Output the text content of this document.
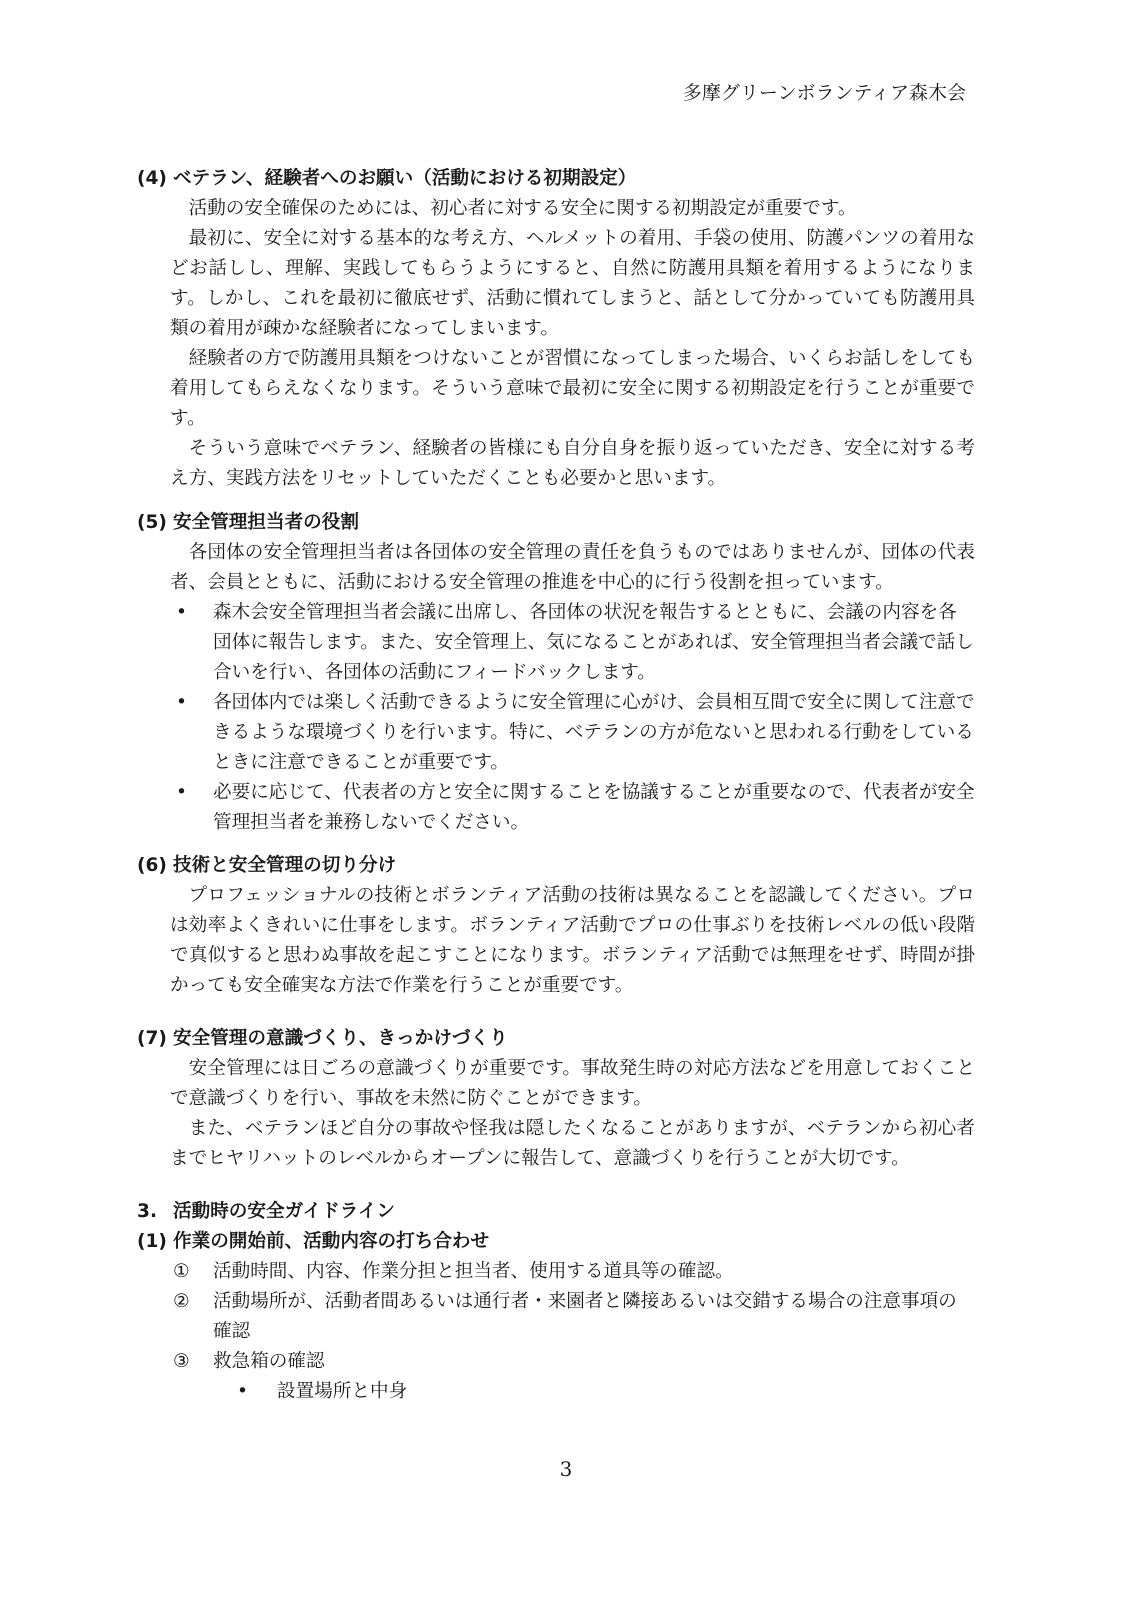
多摩グリーンボランティア森木会
(4) ベテラン、経験者へのお願い（活動における初期設定）
活動の安全確保のためには、初心者に対する安全に関する初期設定が重要です。
最初に、安全に対する基本的な考え方、ヘルメットの着用、手袋の使用、防護パンツの着用などお話しし、理解、実践してもらうようにすると、自然に防護用具類を着用するようになります。しかし、これを最初に徹底せず、活動に慣れてしまうと、話として分かっていても防護用具類の着用が疎かな経験者になってしまいます。
経験者の方で防護用具類をつけないことが習慣になってしまった場合、いくらお話しをしても着用してもらえなくなります。そういう意味で最初に安全に関する初期設定を行うことが重要です。
そういう意味でベテラン、経験者の皆様にも自分自身を振り返っていただき、安全に対する考え方、実践方法をリセットしていただくことも必要かと思います。
(5) 安全管理担当者の役割
各団体の安全管理担当者は各団体の安全管理の責任を負うものではありませんが、団体の代表者、会員とともに、活動における安全管理の推進を中心的に行う役割を担っています。
•	森木会安全管理担当者会議に出席し、各団体の状況を報告するとともに、会議の内容を各団体に報告します。また、安全管理上、気になることがあれば、安全管理担当者会議で話し合いを行い、各団体の活動にフィードバックします。
•	各団体内では楽しく活動できるように安全管理に心がけ、会員相互間で安全に関して注意できるような環境づくりを行います。特に、ベテランの方が危ないと思われる行動をしているときに注意できることが重要です。
•	必要に応じて、代表者の方と安全に関することを協議することが重要なので、代表者が安全管理担当者を兼務しないでください。
(6) 技術と安全管理の切り分け
プロフェッショナルの技術とボランティア活動の技術は異なることを認識してください。プロは効率よくきれいに仕事をします。ボランティア活動でプロの仕事ぶりを技術レベルの低い段階で真似すると思わぬ事故を起こすことになります。ボランティア活動では無理をせず、時間が掛かっても安全確実な方法で作業を行うことが重要です。
(7) 安全管理の意識づくり、きっかけづくり
安全管理には日ごろの意識づくりが重要です。事故発生時の対応方法などを用意しておくことで意識づくりを行い、事故を未然に防ぐことができます。
また、ベテランほど自分の事故や怪我は隠したくなることがありますが、ベテランから初心者までヒヤリハットのレベルからオープンに報告して、意識づくりを行うことが大切です。
3. 活動時の安全ガイドライン
(1) 作業の開始前、活動内容の打ち合わせ
①	活動時間、内容、作業分担と担当者、使用する道具等の確認。
②	活動場所が、活動者間あるいは通行者・来園者と隣接あるいは交錯する場合の注意事項の確認
③	救急箱の確認
•	設置場所と中身
3
